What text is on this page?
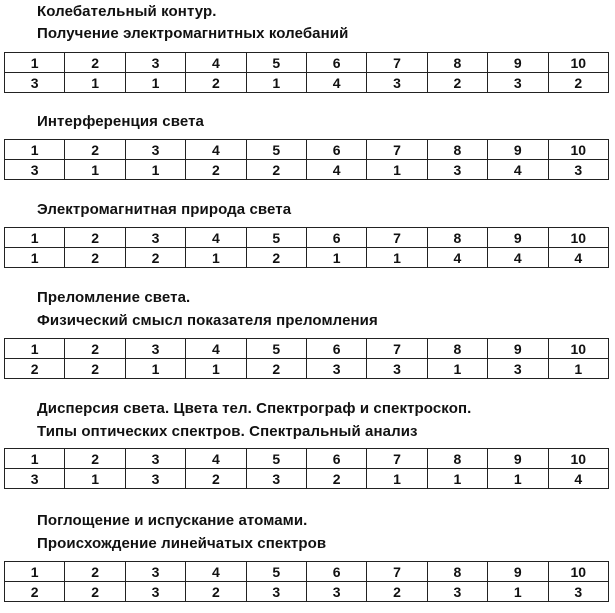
Колебательный контур.
Получение электромагнитных колебаний
1	2	3	4	5	6	7	8	9	10
3	1	1	2	1	4	3	2	3	2
Интерференция света
1	2	3	4	5	6	7	8	9	10
3	1	1	2	2	4	1	3	4	3
Электромагнитная природа света
1	2	3	4	5	6	7	8	9	10
1	2	2	1	2	1	1	4	4	4
Преломление света.
Физический смысл показателя преломления
1	2	3	4	5	6	7	8	9	10
2	2	1	1	2	3	3	1	3	1
Дисперсия света. Цвета тел. Спектрограф и спектроскоп.
Типы оптических спектров. Спектральный анализ
1	2	3	4	5	6	7	8	9	10
3	1	3	2	3	2	1	1	1	4
Поглощение и испускание атомами.
Происхождение линейчатых спектров
1	2	3	4	5	6	7	8	9	10
2	2	3	2	3	3	2	3	1	3
